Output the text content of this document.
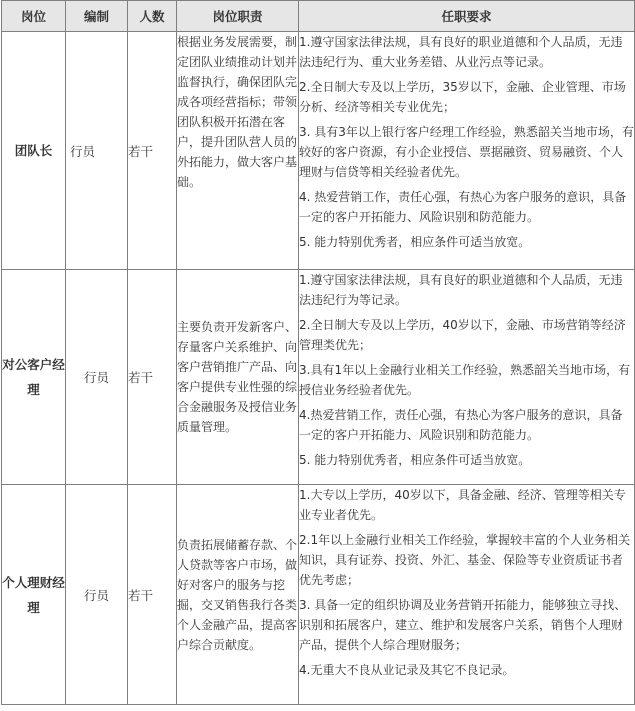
岗位	编制	人数	岗位职责	任职要求
团队长	行员	若干	根据业务发展需要，制定团队业绩推动计划并监督执行，确保团队完成各项经营指标；带领团队积极开拓潜在客户，提升团队营人员的外拓能力，做大客户基础。	1.遵守国家法律法规，具有良好的职业道德和个人品质，无违法违纪行为、重大业务差错、从业污点等记录。

2.全日制大专及以上学历，35岁以下，金融、企业管理、市场分析、经济等相关专业优先；

3. 具有3年以上银行客户经理工作经验，熟悉韶关当地市场，有较好的客户资源，有小企业授信、票据融资、贸易融资、个人理财与信贷等相关经验者优先。

4. 热爱营销工作，责任心强，有热心为客户服务的意识，具备一定的客户开拓能力、风险识别和防范能力。

5. 能力特别优秀者，相应条件可适当放宽。

对公客户经理	行员	若干	主要负责开发新客户、存量客户关系维护、向客户营销推广产品、向客户提供专业性强的综合金融服务及授信业务质量管理。	1.遵守国家法律法规，具有良好的职业道德和个人品质，无违法违纪行为等记录。

2.全日制大专及以上学历，40岁以下，金融、市场营销等经济管理类优先；

3.具有1年以上金融行业相关工作经验，熟悉韶关当地市场，有授信业务经验者优先。

4.热爱营销工作，责任心强，有热心为客户服务的意识，具备一定的客户开拓能力、风险识别和防范能力。

5. 能力特别优秀者，相应条件可适当放宽。

个人理财经理	行员	若干	负责拓展储蓄存款、个人贷款等客户市场，做好对客户的服务与挖掘，交叉销售我行各类个人金融产品，提高客户综合贡献度。	1.大专以上学历，40岁以下，具备金融、经济、管理等相关专业专业者优先。

2.1年以上金融行业相关工作经验，掌握较丰富的个人业务相关知识，具有证券、投资、外汇、基金、保险等专业资质证书者优先考虑；

3. 具备一定的组织协调及业务营销开拓能力，能够独立寻找、识别和拓展客户，建立、维护和发展客户关系，销售个人理财产品，提供个人综合理财服务；

4.无重大不良从业记录及其它不良记录。
